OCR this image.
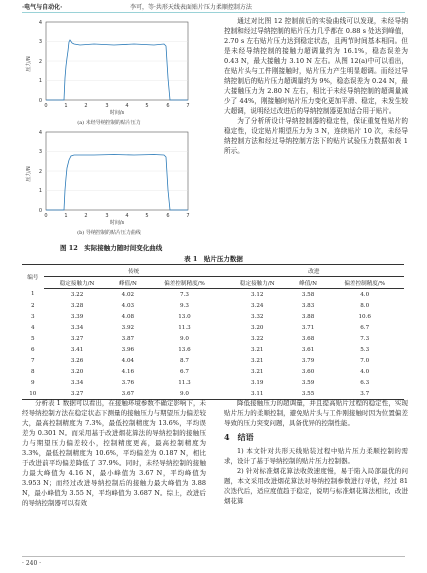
·电气与自动化·	李可，等·共形天线表面贴片压力柔顺控制方法
4
3
2
1
0
0	1	2	3	4	5	6	7
时间/s
压力/N
(a) 未经导纳控制的贴片压力
4
3
2
1
0
0	1	2	3	4	5	6	7
时间/s
压力/N
(b) 导纳控制的贴片压力曲线
图 12　实际接触力随时间变化曲线

通过对比图 12 控制前后的实验曲线可以发现，未经导纳控制和经过导纳控制的贴片压力几乎都在 0.88 s 处达到峰值，2.70 s 左右贴片压力达到稳定状态，且两节时间基本相同。但是未经导纳控制的接触力超调量约为 16.1%，稳态误差为 0.43 N，最大接触力 3.10 N 左右。从图 12(a)中可以看出，在贴片头与工件刚接触时，贴片压力产生明显超调。而经过导纳控制后的贴片压力超调量约为 9%，稳态误差为 0.24 N，最大接触压力为 2.80 N 左右，相比于未经导纳控制的超调量减少了 44%，刚接触时贴片压力变化更加平滑、稳定，未发生较大超调，说明经过改进后的导纳控制器更加适合用于贴片。

为了分析所设计导纳控制器的稳定性，保证重复性贴片的稳定性，设定贴片期望压力为 3 N，连续贴片 10 次，未经导纳控制方法和经过导纳控制方法下的贴片试验压力数据如表 1 所示。

表 1　贴片压力数据
编号	传统			改进		
	稳定接触力/N	峰值/N	偏差控制精度/%	稳定接触力/N	峰值/N	偏差控制精度/%
1	3.22	4.02	7.3	3.12	3.58	4.0
2	3.28	4.03	9.3	3.24	3.83	8.0
3	3.39	4.08	13.0	3.32	3.88	10.6
4	3.34	3.92	11.3	3.20	3.71	6.7
5	3.27	3.87	9.0	3.22	3.68	7.3
6	3.41	3.96	13.6	3.21	3.61	5.3
7	3.26	4.04	8.7	3.21	3.79	7.0
8	3.20	4.16	6.7	3.21	3.60	4.0
9	3.34	3.76	11.3	3.19	3.59	6.3
10	3.27	3.67	9.0	3.11	3.55	3.7

分析表 1 数据可以看出，在接触环境参数不确定影响下，未经导纳控制方法在稳定状态下测量的接触压力与期望压力偏差较大，最高控制精度为 7.3%，最低控制精度为 13.6%，平均误差为 0.301 N。而采用基于改进烟花算法的导纳控制的接触压力与期望压力偏差较小，控制精度更高，最高控制精度为 3.3%，最低控制精度为 10.6%，平均偏差为 0.187 N，相比于改进前平均偏差降低了 37.9%。同时，未经导纳控制的接触力最大峰值为 4.16 N，最小峰值为 3.67 N，平均峰值为 3.953 N；而经过改进导纳控制后的接触力最大峰值为 3.88 N，最小峰值为 3.55 N，平均峰值为 3.687 N。综上，改进后的导纳控制器可以有效

降低接触压力的超调量，并且提高贴片过程的稳定性，实现贴片压力的柔顺控制，避免贴片头与工件刚接触时因为位置偏差导致的压力突变问题，具备优异的控制性能。

4　结语

1) 本文针对共形天线贴装过程中贴片压力柔顺控制的需求，设计了基于导纳控制的贴片压力控制器。

2) 针对标准烟花算法收敛速度慢，易于陷入局部最优的问题，本文采用改进烟花算法对导纳控制参数进行寻优，经过 81 次迭代后，适应度值趋于稳定，说明与标准烟花算法相比，改进烟花算

· 240 ·
